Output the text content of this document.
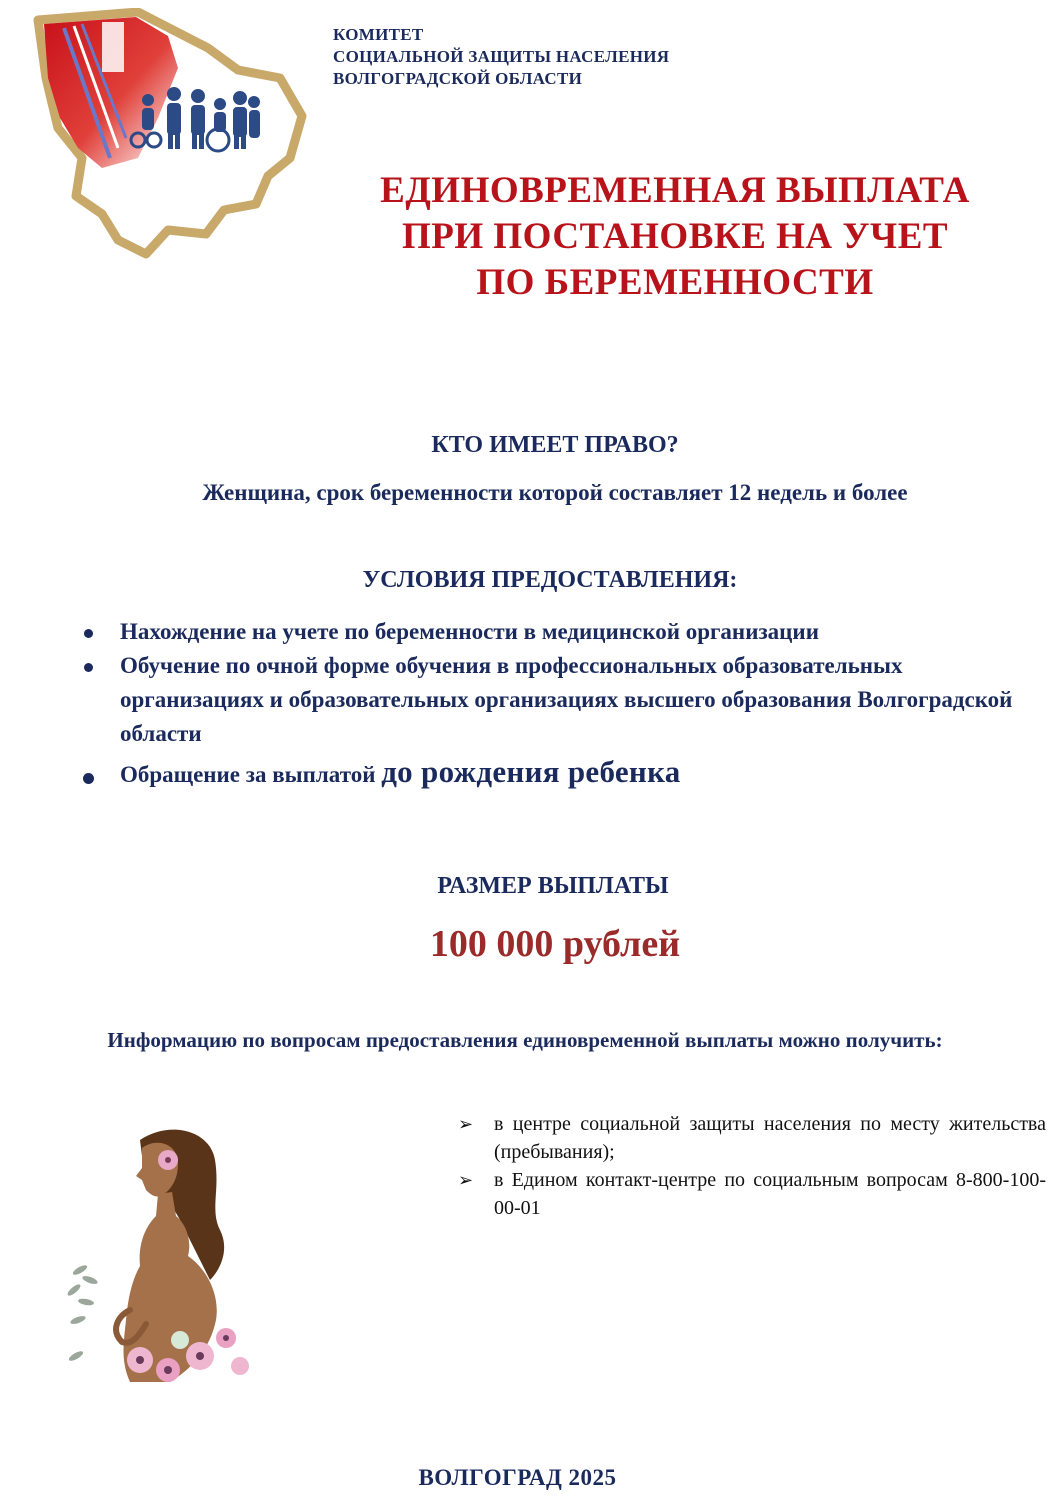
КОМИТЕТ
СОЦИАЛЬНОЙ ЗАЩИТЫ НАСЕЛЕНИЯ
ВОЛГОГРАДСКОЙ ОБЛАСТИ
ЕДИНОВРЕМЕННАЯ ВЫПЛАТА
ПРИ ПОСТАНОВКЕ НА УЧЕТ
ПО БЕРЕМЕННОСТИ
КТО ИМЕЕТ ПРАВО?
Женщина, срок беременности которой составляет 12 недель и более
УСЛОВИЯ ПРЕДОСТАВЛЕНИЯ:
Нахождение на учете по беременности в медицинской организации
Обучение по очной форме обучения в профессиональных образовательных организациях и образовательных организациях высшего образования Волгоградской области
Обращение за выплатой до рождения ребенка
РАЗМЕР ВЫПЛАТЫ
100 000 рублей
Информацию по вопросам предоставления единовременной выплаты можно получить:
➢ в центре социальной защиты населения по месту жительства (пребывания);
➢ в Едином контакт-центре по социальным вопросам 8-800-100-00-01
ВОЛГОГРАД 2025
